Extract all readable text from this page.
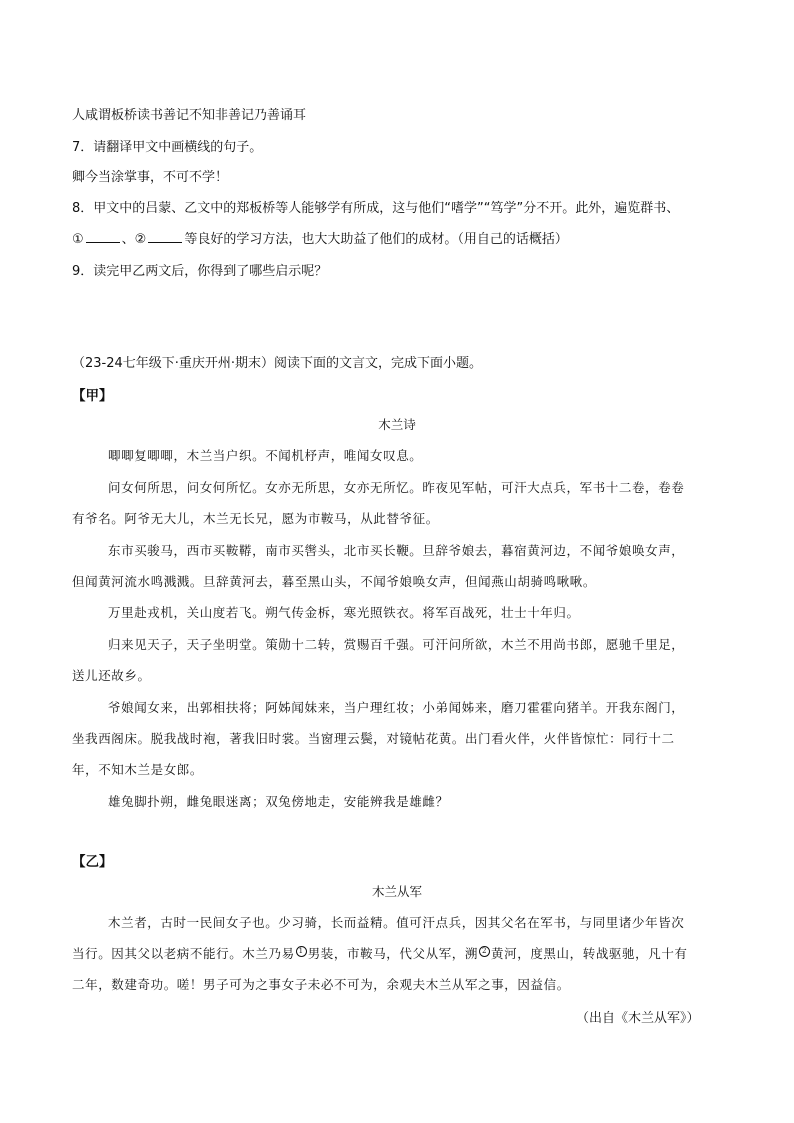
人咸谓板桥读书善记不知非善记乃善诵耳
7．请翻译甲文中画横线的句子。
卿今当涂掌事，不可不学！
8．甲文中的吕蒙、乙文中的郑板桥等人能够学有所成，这与他们“嗜学”“笃学”分不开。此外，遍览群书、
①	、②	等良好的学习方法，也大大助益了他们的成材。（用自己的话概括）
9．读完甲乙两文后，你得到了哪些启示呢？
（23-24七年级下·重庆开州·期末）阅读下面的文言文，完成下面小题。
【甲】
木兰诗
唧唧复唧唧，木兰当户织。不闻机杼声，唯闻女叹息。
问女何所思，问女何所忆。女亦无所思，女亦无所忆。昨夜见军帖，可汗大点兵，军书十二卷，卷卷
有爷名。阿爷无大儿，木兰无长兄，愿为市鞍马，从此替爷征。
东市买骏马，西市买鞍鞯，南市买辔头，北市买长鞭。旦辞爷娘去，暮宿黄河边，不闻爷娘唤女声，
但闻黄河流水鸣溅溅。旦辞黄河去，暮至黑山头，不闻爷娘唤女声，但闻燕山胡骑鸣啾啾。
万里赴戎机，关山度若飞。朔气传金柝，寒光照铁衣。将军百战死，壮士十年归。
归来见天子，天子坐明堂。策勋十二转，赏赐百千强。可汗问所欲，木兰不用尚书郎，愿驰千里足，
送儿还故乡。
爷娘闻女来，出郭相扶将；阿姊闻妹来，当户理红妆；小弟闻姊来，磨刀霍霍向猪羊。开我东阁门，
坐我西阁床。脱我战时袍，著我旧时裳。当窗理云鬓，对镜帖花黄。出门看火伴，火伴皆惊忙：同行十二
年，不知木兰是女郎。
雄兔脚扑朔，雌兔眼迷离；双兔傍地走，安能辨我是雄雌？
【乙】
木兰从军
木兰者，古时一民间女子也。少习骑，长而益精。值可汗点兵，因其父名在军书，与同里诸少年皆次
当行。因其父以老病不能行。木兰乃易 1 男装，市鞍马，代父从军，溯 2 黄河，度黑山，转战驱驰，凡十有
二年，数建奇功。嗟！男子可为之事女子未必不可为，余观夫木兰从军之事，因益信。
（出自《木兰从军》）
